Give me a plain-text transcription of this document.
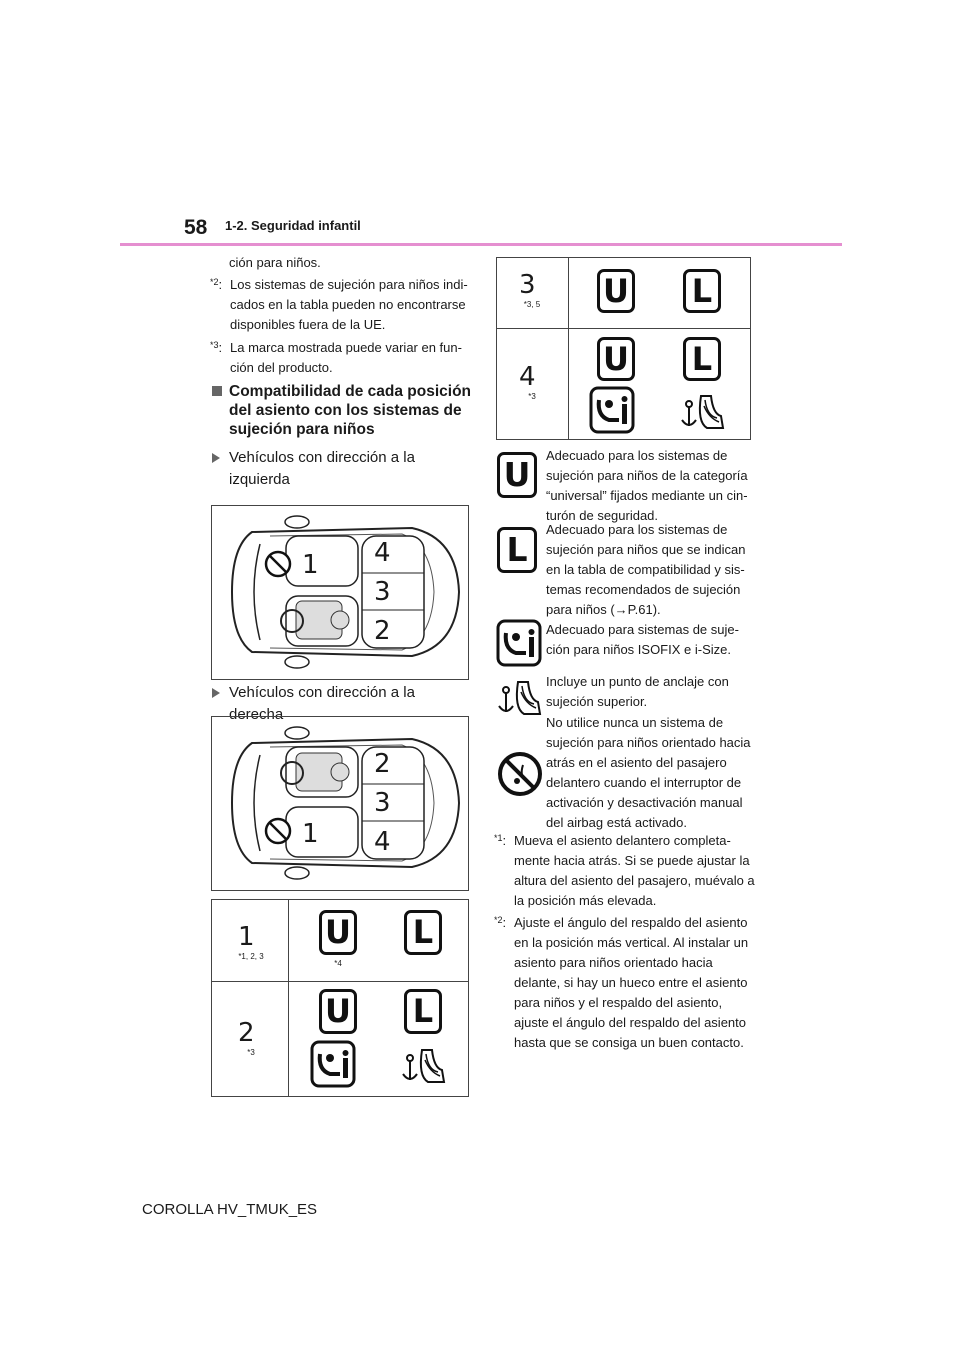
58 1-2. Seguridad infantil
ción para niños.
$^{*2}$: Los sistemas de sujeción para niños indi-cados en la tabla pueden no encontrarse disponibles fuera de la UE.
$^{*3}$: La marca mostrada puede variar en fun-ción del producto.
Compatibilidad de cada posición del asiento con los sistemas de sujeción para niños
Vehículos con dirección a la izquierda
1 4
3
2
Vehículos con dirección a la derecha
1
2
3
4
1
*1, 2, 3
U
*4
L
2
*3
U L
3
*3, 5	U L
4
*3
U L
U	Adecuado para los sistemas de sujeción para niños de la categoría “universal” fijados mediante un cin-turón de seguridad.
L
Adecuado para los sistemas de sujeción para niños que se indican en la tabla de compatibilidad y sis-temas recomendados de sujeción para niños (→P.61).
Adecuado para sistemas de suje-ción para niños ISOFIX e i-Size.
Incluye un punto de anclaje con sujeción superior.
No utilice nunca un sistema de sujeción para niños orientado hacia atrás en el asiento del pasajero delantero cuando el interruptor de activación y desactivación manual del airbag está activado.
$^{*1}$: Mueva el asiento delantero completa-mente hacia atrás. Si se puede ajustar la altura del asiento del pasajero, muévalo a la posición más elevada.
$^{*2}$: Ajuste el ángulo del respaldo del asiento en la posición más vertical. Al instalar un asiento para niños orientado hacia delante, si hay un hueco entre el asiento para niños y el respaldo del asiento, ajuste el ángulo del respaldo del asiento hasta que se consiga un buen contacto.
COROLLA HV_TMUK_ES
